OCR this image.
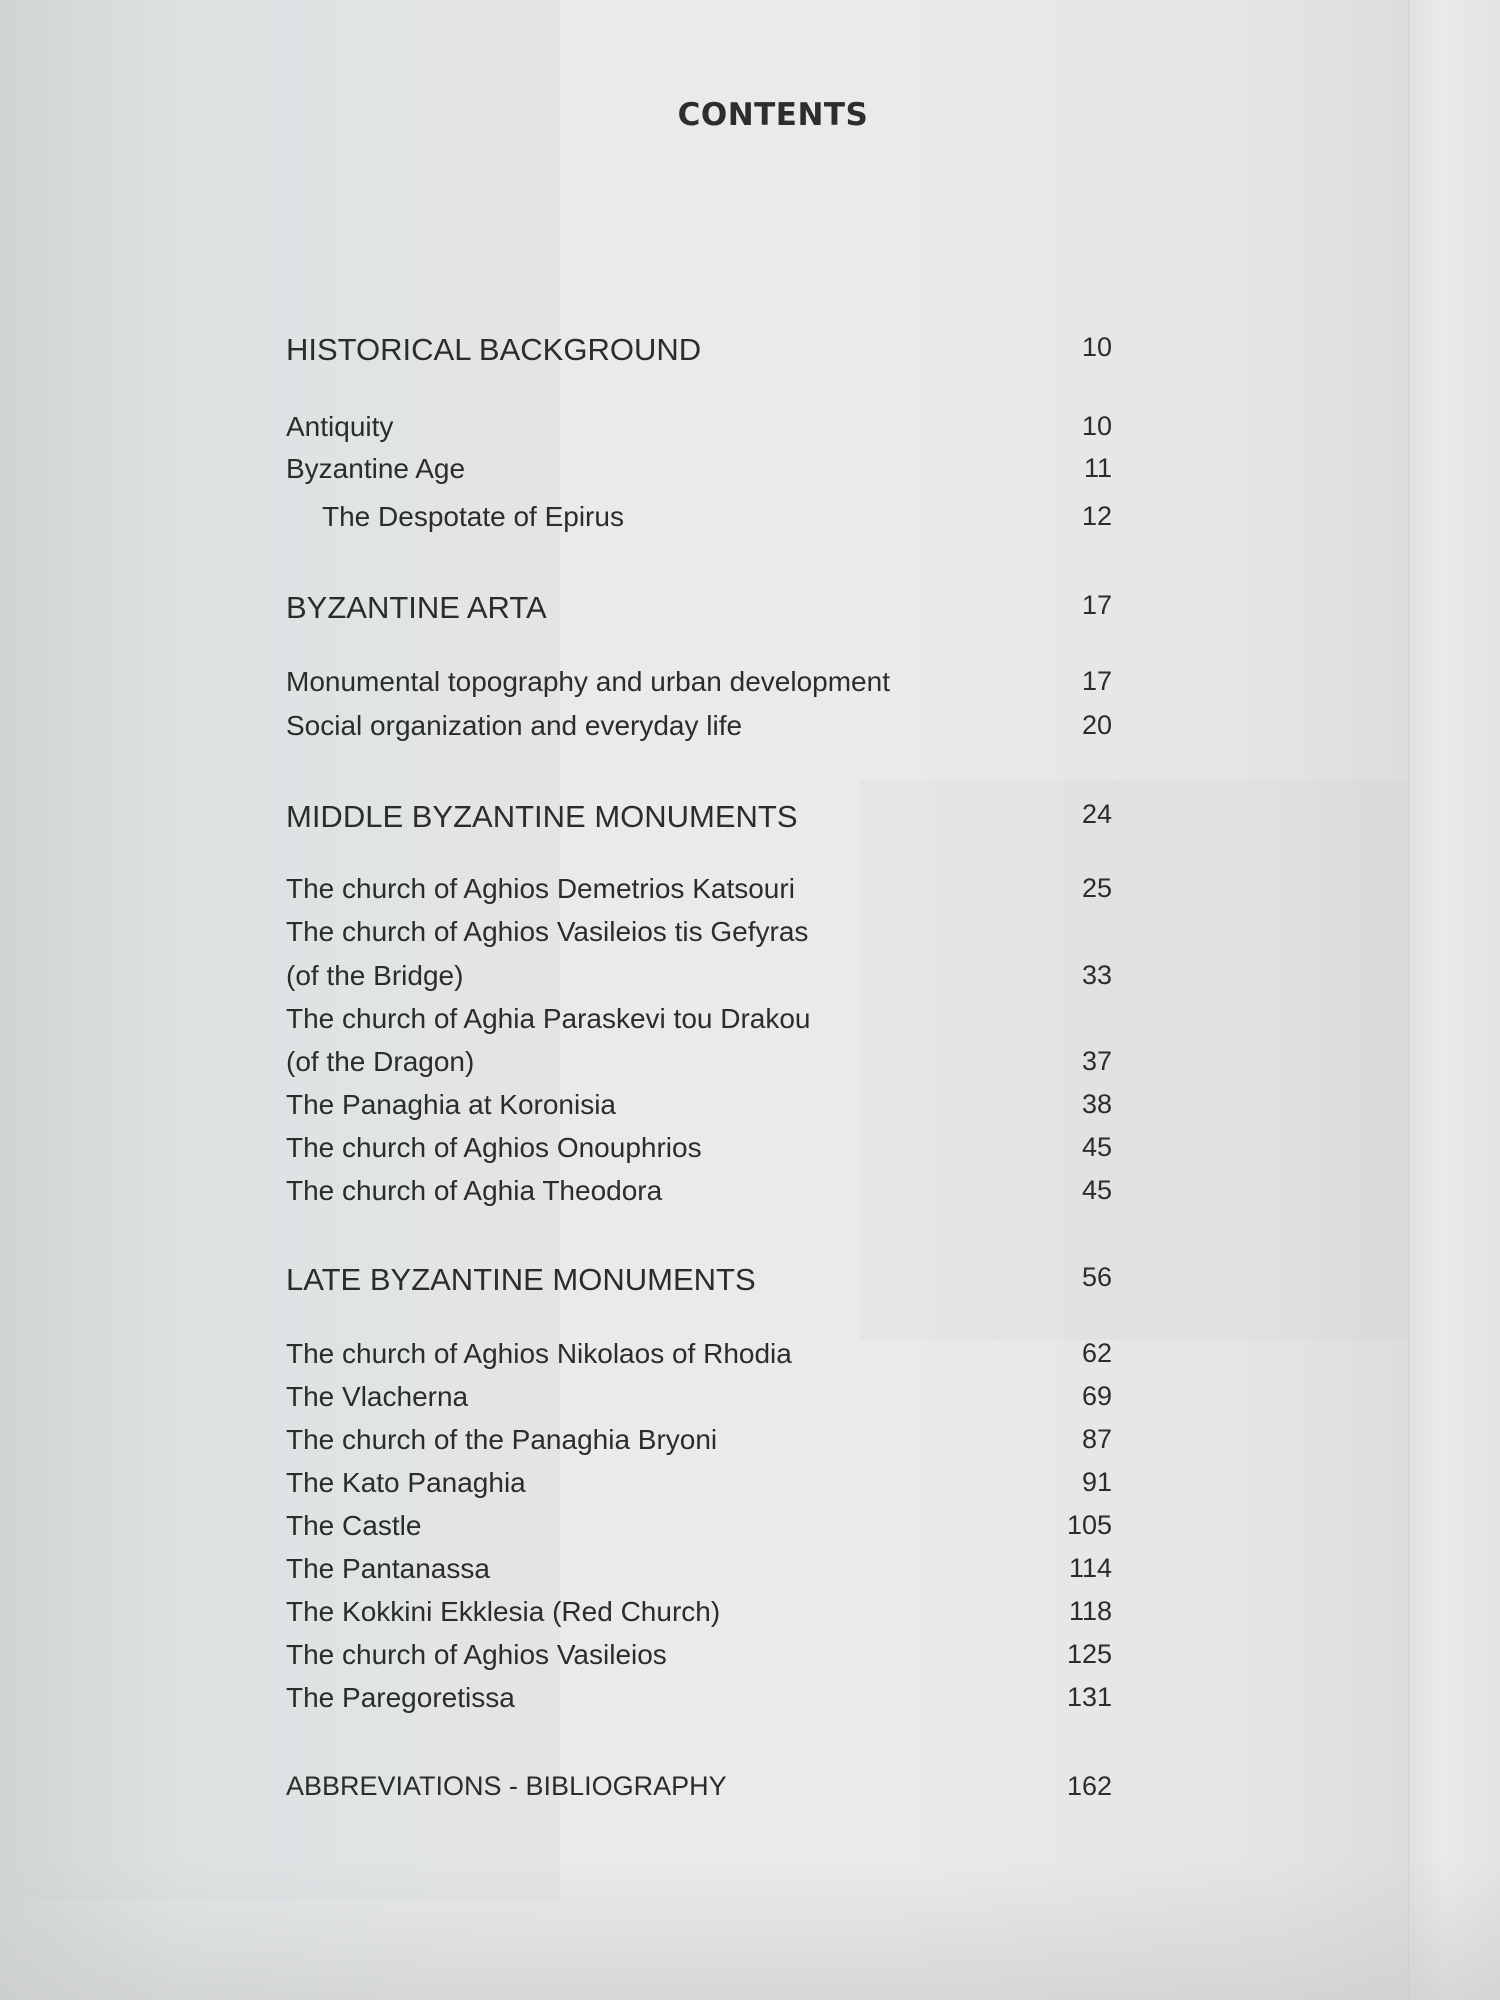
CONTENTS
HISTORICAL BACKGROUND	10
Antiquity	10
Byzantine Age	11
The Despotate of Epirus	12
BYZANTINE ARTA	17
Monumental topography and urban development	17
Social organization and everyday life	20
MIDDLE BYZANTINE MONUMENTS	24
The church of Aghios Demetrios Katsouri	25
The church of Aghios Vasileios tis Gefyras
(of the Bridge)	33
The church of Aghia Paraskevi tou Drakou
(of the Dragon)	37
The Panaghia at Koronisia	38
The church of Aghios Onouphrios	45
The church of Aghia Theodora	45
LATE BYZANTINE MONUMENTS	56
The church of Aghios Nikolaos of Rhodia	62
The Vlacherna	69
The church of the Panaghia Bryoni	87
The Kato Panaghia	91
The Castle	105
The Pantanassa	114
The Kokkini Ekklesia (Red Church)	118
The church of Aghios Vasileios	125
The Paregoretissa	131
ABBREVIATIONS - BIBLIOGRAPHY	162
